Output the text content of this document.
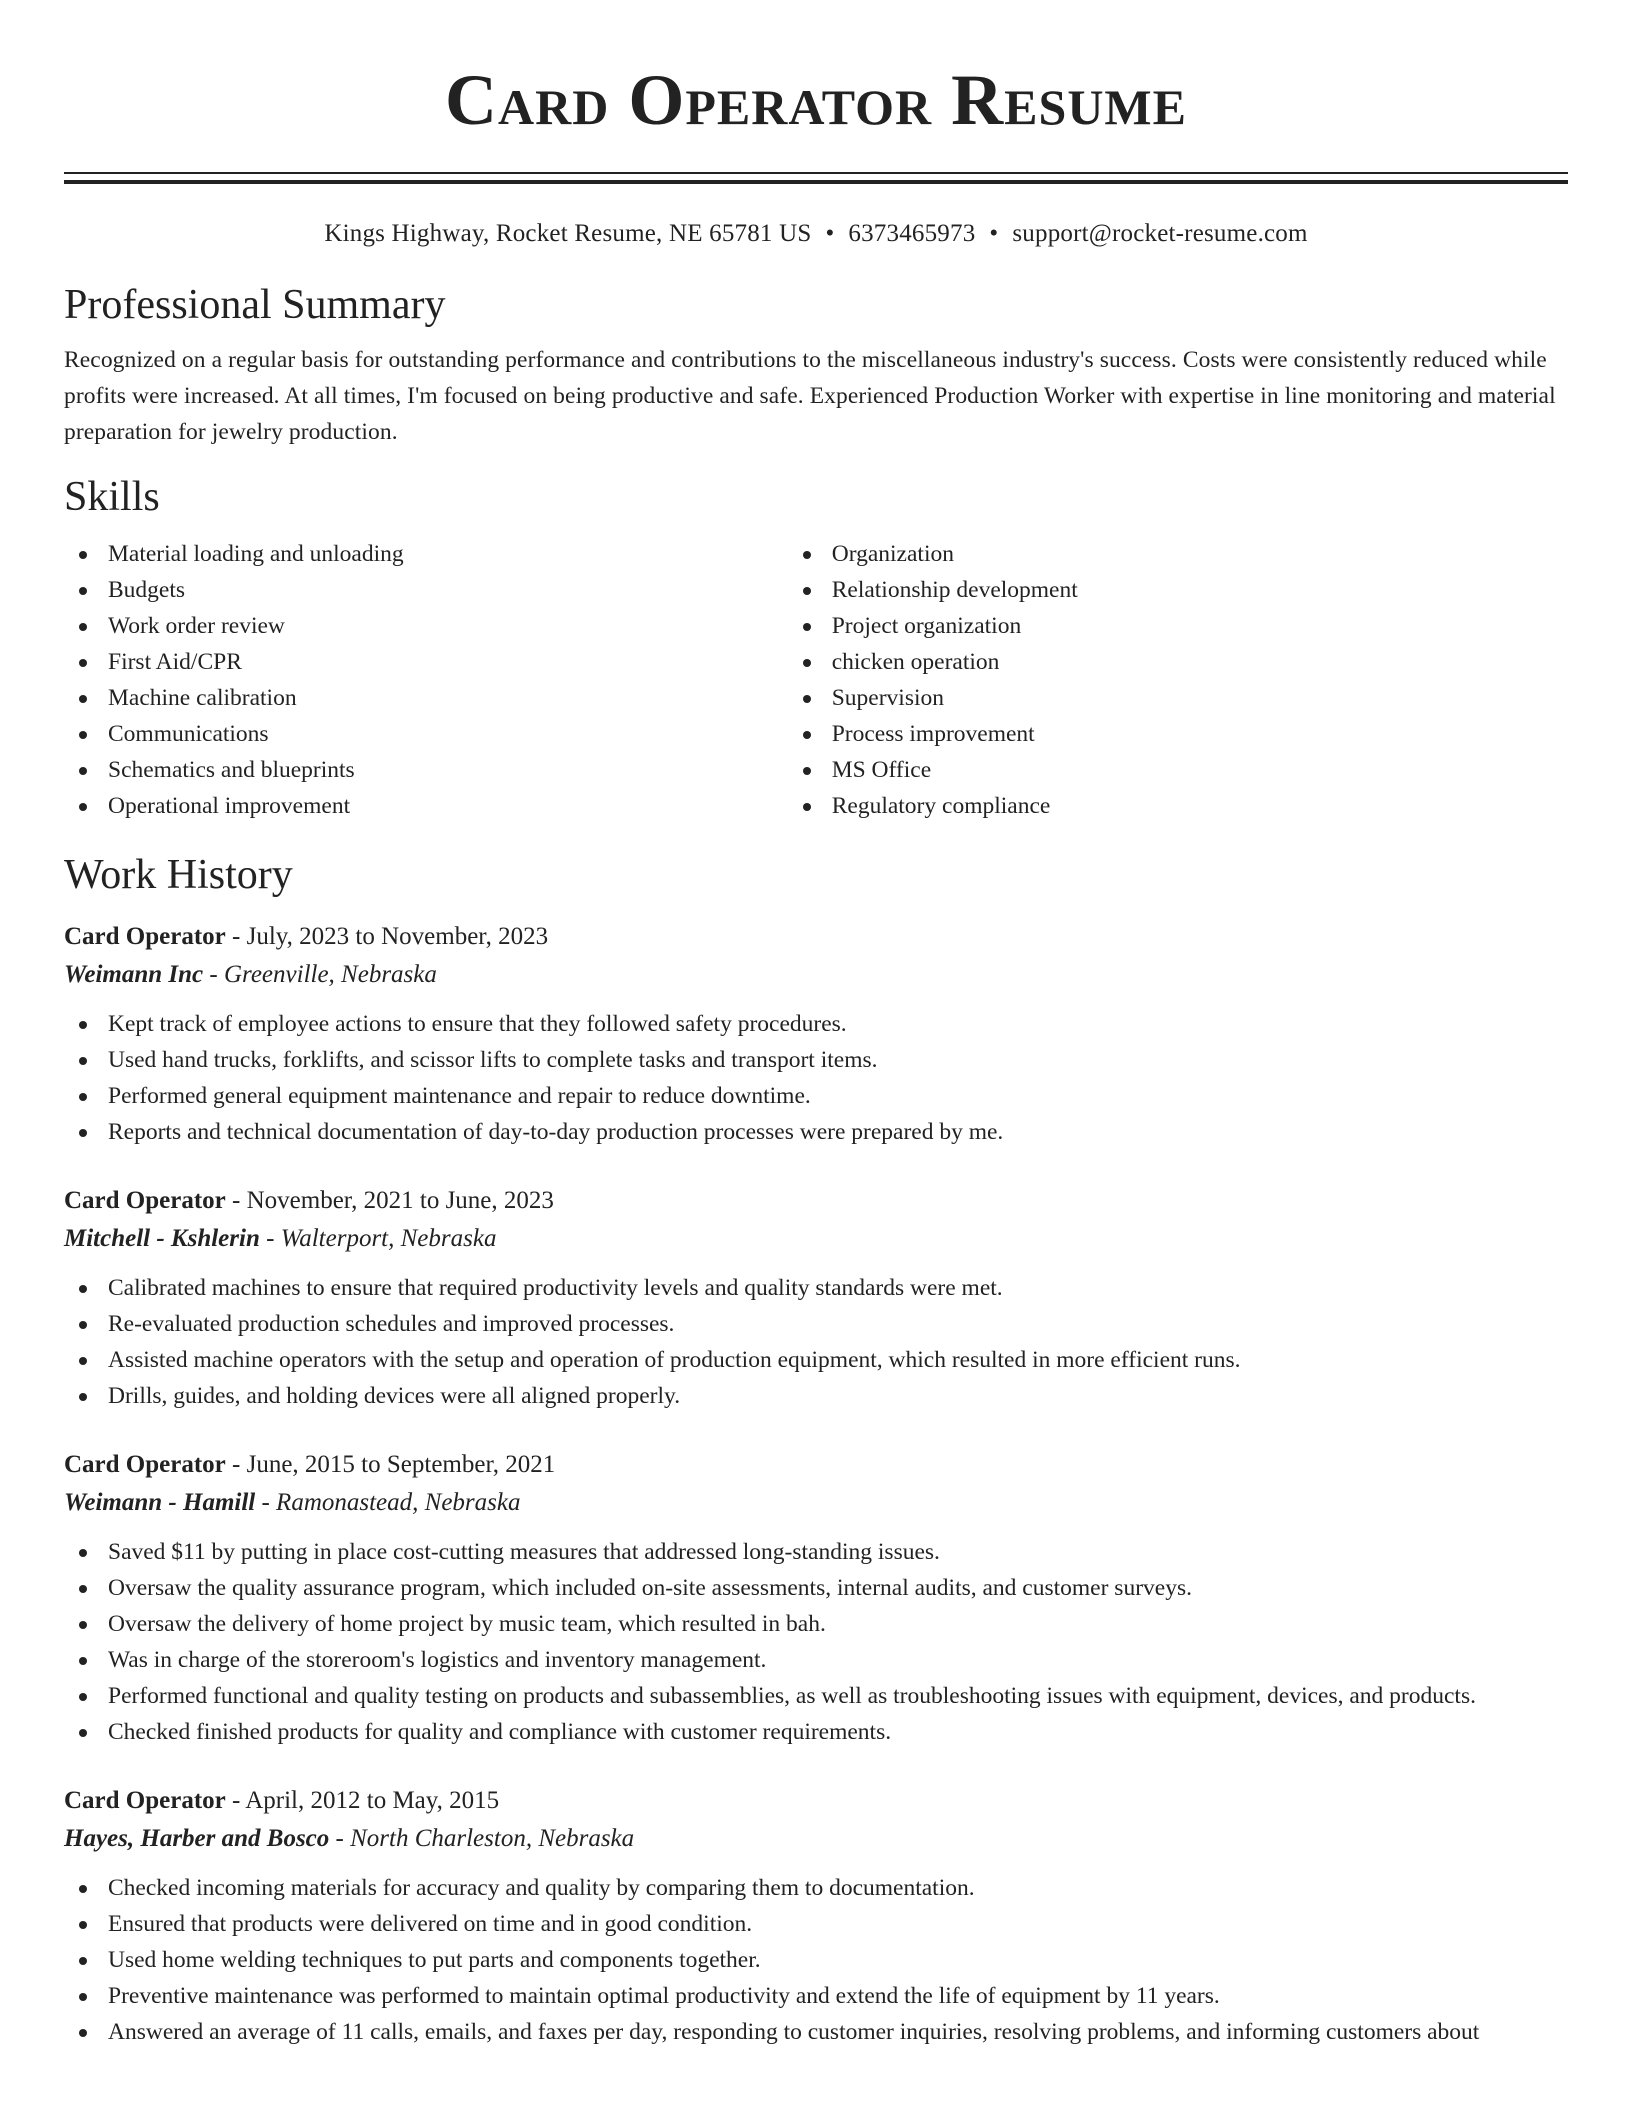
Card Operator Resume
Kings Highway, Rocket Resume, NE 65781 US • 6373465973 • support@rocket-resume.com
Professional Summary

Recognized on a regular basis for outstanding performance and contributions to the miscellaneous industry's success. Costs were consistently reduced while profits were increased. At all times, I'm focused on being productive and safe. Experienced Production Worker with expertise in line monitoring and material preparation for jewelry production.

Skills
Material loading and unloading
Budgets
Work order review
First Aid/CPR
Machine calibration
Communications
Schematics and blueprints
Operational improvement
Organization
Relationship development
Project organization
chicken operation
Supervision
Process improvement
MS Office
Regulatory compliance
Work History
Card Operator - July, 2023 to November, 2023
Weimann Inc - Greenville, Nebraska
Kept track of employee actions to ensure that they followed safety procedures.
Used hand trucks, forklifts, and scissor lifts to complete tasks and transport items.
Performed general equipment maintenance and repair to reduce downtime.
Reports and technical documentation of day-to-day production processes were prepared by me.
Card Operator - November, 2021 to June, 2023
Mitchell - Kshlerin - Walterport, Nebraska
Calibrated machines to ensure that required productivity levels and quality standards were met.
Re-evaluated production schedules and improved processes.
Assisted machine operators with the setup and operation of production equipment, which resulted in more efficient runs.
Drills, guides, and holding devices were all aligned properly.
Card Operator - June, 2015 to September, 2021
Weimann - Hamill - Ramonastead, Nebraska
Saved $11 by putting in place cost-cutting measures that addressed long-standing issues.
Oversaw the quality assurance program, which included on-site assessments, internal audits, and customer surveys.
Oversaw the delivery of home project by music team, which resulted in bah.
Was in charge of the storeroom's logistics and inventory management.
Performed functional and quality testing on products and subassemblies, as well as troubleshooting issues with equipment, devices, and products.
Checked finished products for quality and compliance with customer requirements.
Card Operator - April, 2012 to May, 2015
Hayes, Harber and Bosco - North Charleston, Nebraska
Checked incoming materials for accuracy and quality by comparing them to documentation.
Ensured that products were delivered on time and in good condition.
Used home welding techniques to put parts and components together.
Preventive maintenance was performed to maintain optimal productivity and extend the life of equipment by 11 years.
Answered an average of 11 calls, emails, and faxes per day, responding to customer inquiries, resolving problems, and informing customers about
